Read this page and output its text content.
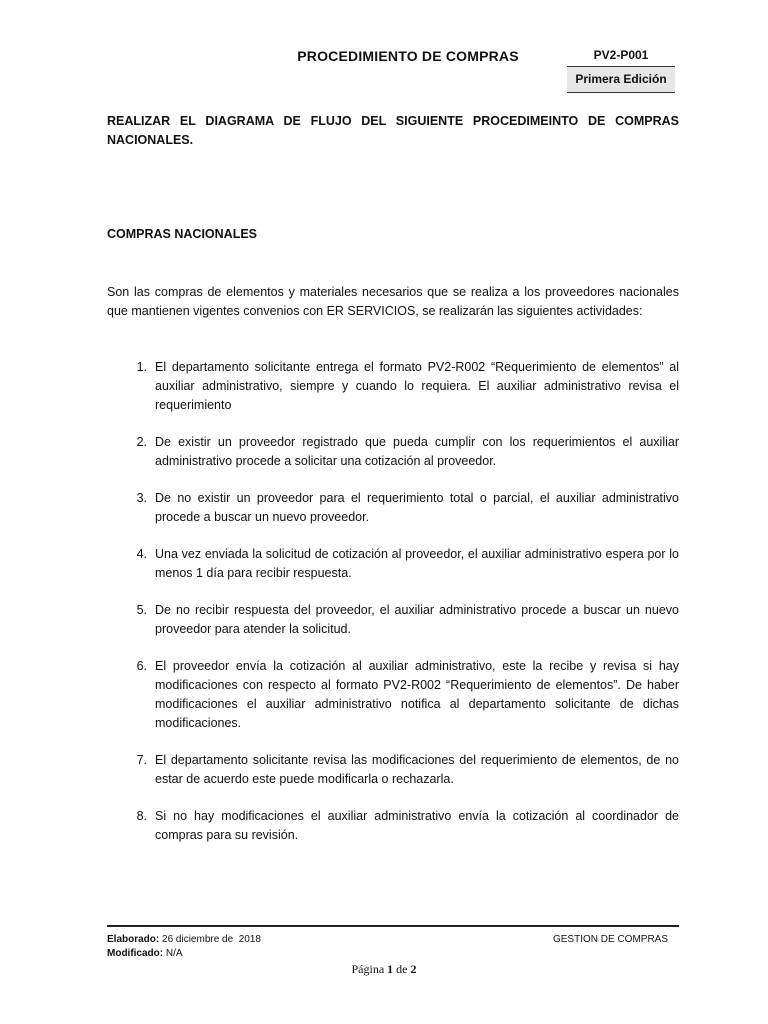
PROCEDIMIENTO DE COMPRAS	PV2-P001
Primera Edición
REALIZAR EL DIAGRAMA DE FLUJO DEL SIGUIENTE PROCEDIMEINTO DE COMPRAS NACIONALES.
COMPRAS NACIONALES
Son las compras de elementos y materiales necesarios que se realiza a los proveedores nacionales que mantienen vigentes convenios con ER SERVICIOS, se realizarán las siguientes actividades:
1. El departamento solicitante entrega el formato PV2-R002 “Requerimiento de elementos” al auxiliar administrativo, siempre y cuando lo requiera. El auxiliar administrativo revisa el requerimiento
2. De existir un proveedor registrado que pueda cumplir con los requerimientos el auxiliar administrativo procede a solicitar una cotización al proveedor.
3. De no existir un proveedor para el requerimiento total o parcial, el auxiliar administrativo procede a buscar un nuevo proveedor.
4. Una vez enviada la solicitud de cotización al proveedor, el auxiliar administrativo espera por lo menos 1 día para recibir respuesta.
5. De no recibir respuesta del proveedor, el auxiliar administrativo procede a buscar un nuevo proveedor para atender la solicitud.
6. El proveedor envía la cotización al auxiliar administrativo, este la recibe y revisa si hay modificaciones con respecto al formato PV2-R002 “Requerimiento de elementos”. De haber modificaciones el auxiliar administrativo notifica al departamento solicitante de dichas modificaciones.
7. El departamento solicitante revisa las modificaciones del requerimiento de elementos, de no estar de acuerdo este puede modificarla o rechazarla.
8. Si no hay modificaciones el auxiliar administrativo envía la cotización al coordinador de compras para su revisión.
Elaborado: 26 diciembre de  2018
Modificado: N/A
GESTION DE COMPRAS
Página 1 de 2
